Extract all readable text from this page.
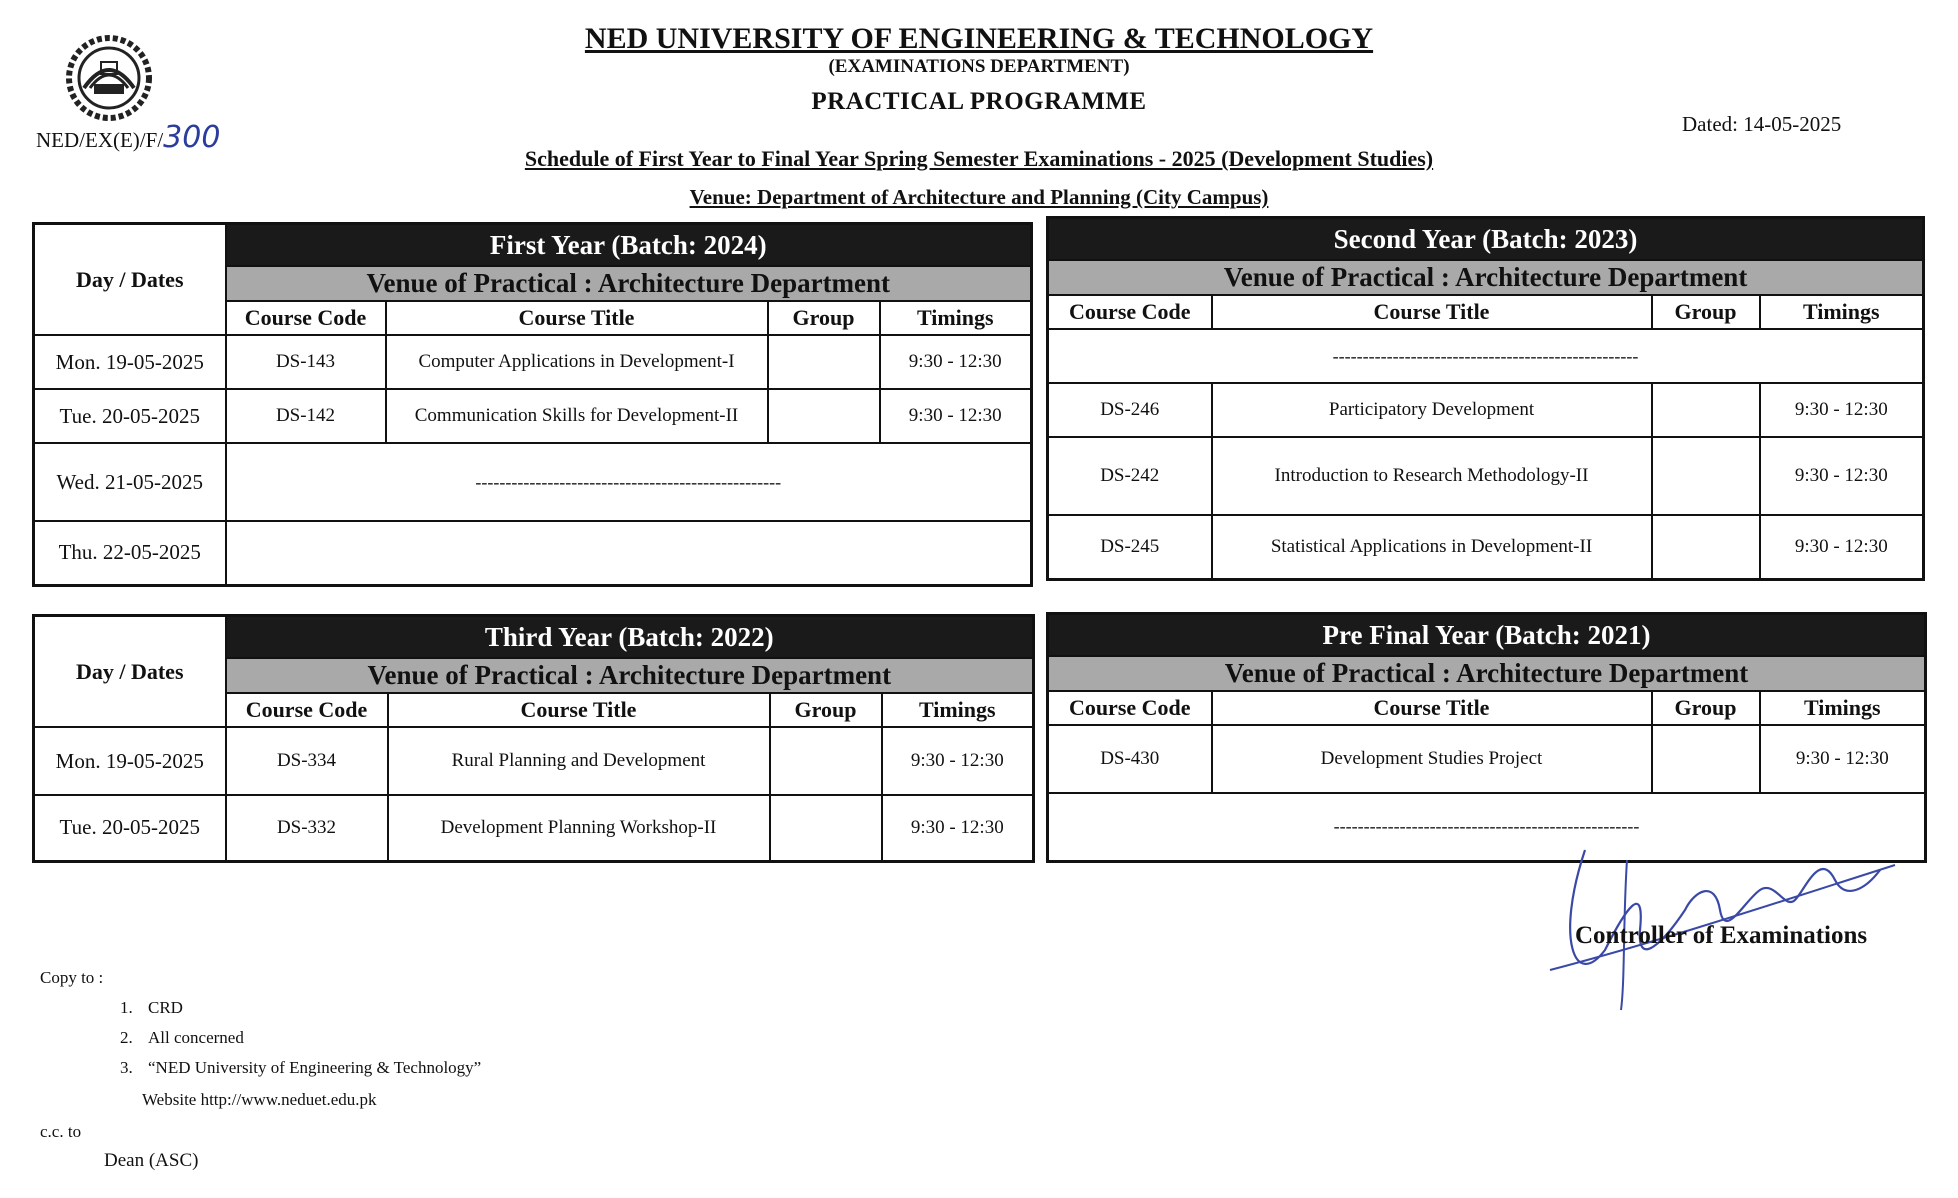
NED UNIVERSITY OF ENGINEERING & TECHNOLOGY
(EXAMINATIONS DEPARTMENT)
PRACTICAL PROGRAMME
NED/EX(E)/F/300	Dated: 14-05-2025
Schedule of First Year to Final Year Spring Semester Examinations - 2025 (Development Studies)
Venue: Department of Architecture and Planning (City Campus)
Day / Dates	First Year (Batch: 2024)			
	Venue of Practical : Architecture Department			
	Course Code	Course Title	Group	Timings
Mon. 19-05-2025	DS-143	Computer Applications in Development-I		9:30 - 12:30
Tue. 20-05-2025	DS-142	Communication Skills for Development-II		9:30 - 12:30
Wed. 21-05-2025	---------------------------------------------------			
Thu. 22-05-2025				
Second Year (Batch: 2023)			
Venue of Practical : Architecture Department			
Course Code	Course Title	Group	Timings
---------------------------------------------------			
DS-246	Participatory Development		9:30 - 12:30
DS-242	Introduction to Research Methodology-II		9:30 - 12:30
DS-245	Statistical Applications in Development-II		9:30 - 12:30
Day / Dates	Third Year (Batch: 2022)			
	Venue of Practical : Architecture Department			
	Course Code	Course Title	Group	Timings
Mon. 19-05-2025	DS-334	Rural Planning and Development		9:30 - 12:30
Tue. 20-05-2025	DS-332	Development Planning Workshop-II		9:30 - 12:30
Pre Final Year (Batch: 2021)			
Venue of Practical : Architecture Department			
Course Code	Course Title	Group	Timings
DS-430	Development Studies Project		9:30 - 12:30
---------------------------------------------------			
Controller of Examinations
Copy to :
1. CRD
2. All concerned
3. “NED University of Engineering & Technology”
Website http://www.neduet.edu.pk
c.c. to
Dean (ASC)
